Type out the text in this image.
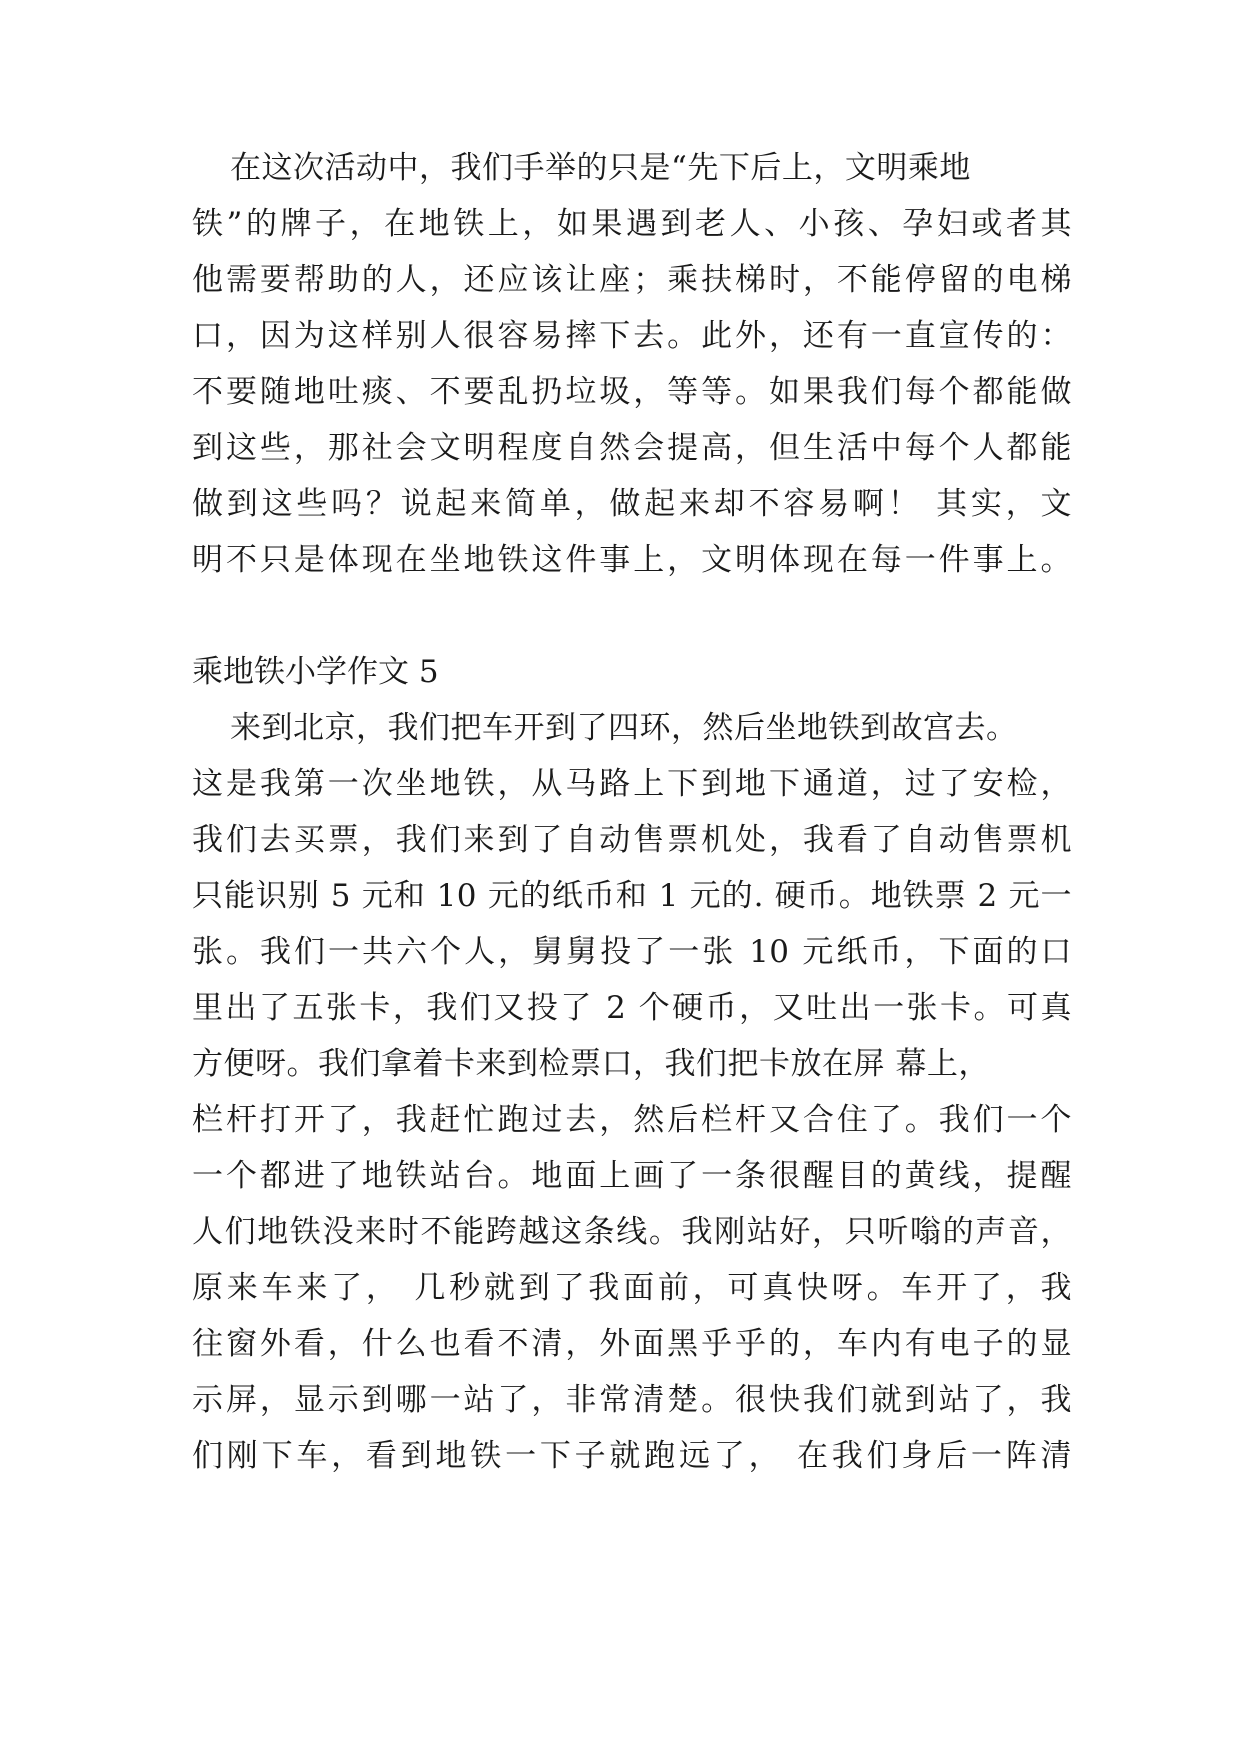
在这次活动中，我们手举的只是“先下后上，文明乘地
铁”的牌子，在地铁上，如果遇到老人、小孩、孕妇或者其
他需要帮助的人，还应该让座；乘扶梯时，不能停留的电梯
口，因为这样别人很容易摔下去。此外，还有一直宣传的：
不要随地吐痰、不要乱扔垃圾，等等。如果我们每个都能做
到这些，那社会文明程度自然会提高，但生活中每个人都能
做到这些吗？说起来简单，做起来却不容易啊！ 其实，文
明不只是体现在坐地铁这件事上，文明体现在每一件事上。
乘地铁小学作文 5
来到北京，我们把车开到了四环，然后坐地铁到故宫去。
这是我第一次坐地铁，从马路上下到地下通道，过了安检，
我们去买票，我们来到了自动售票机处，我看了自动售票机
只能识别 5 元和 10 元的纸币和 1 元的. 硬币。地铁票 2 元一
张。我们一共六个人，舅舅投了一张 10 元纸币，下面的口
里出了五张卡，我们又投了 2 个硬币，又吐出一张卡。可真
方便呀。我们拿着卡来到检票口，我们把卡放在屏 幕上，
栏杆打开了，我赶忙跑过去，然后栏杆又合住了。我们一个
一个都进了地铁站台。地面上画了一条很醒目的黄线，提醒
人们地铁没来时不能跨越这条线。我刚站好，只听嗡的声音，
原来车来了， 几秒就到了我面前，可真快呀。车开了，我
往窗外看，什么也看不清，外面黑乎乎的，车内有电子的显
示屏，显示到哪一站了，非常清楚。很快我们就到站了，我
们刚下车，看到地铁一下子就跑远了， 在我们身后一阵清
